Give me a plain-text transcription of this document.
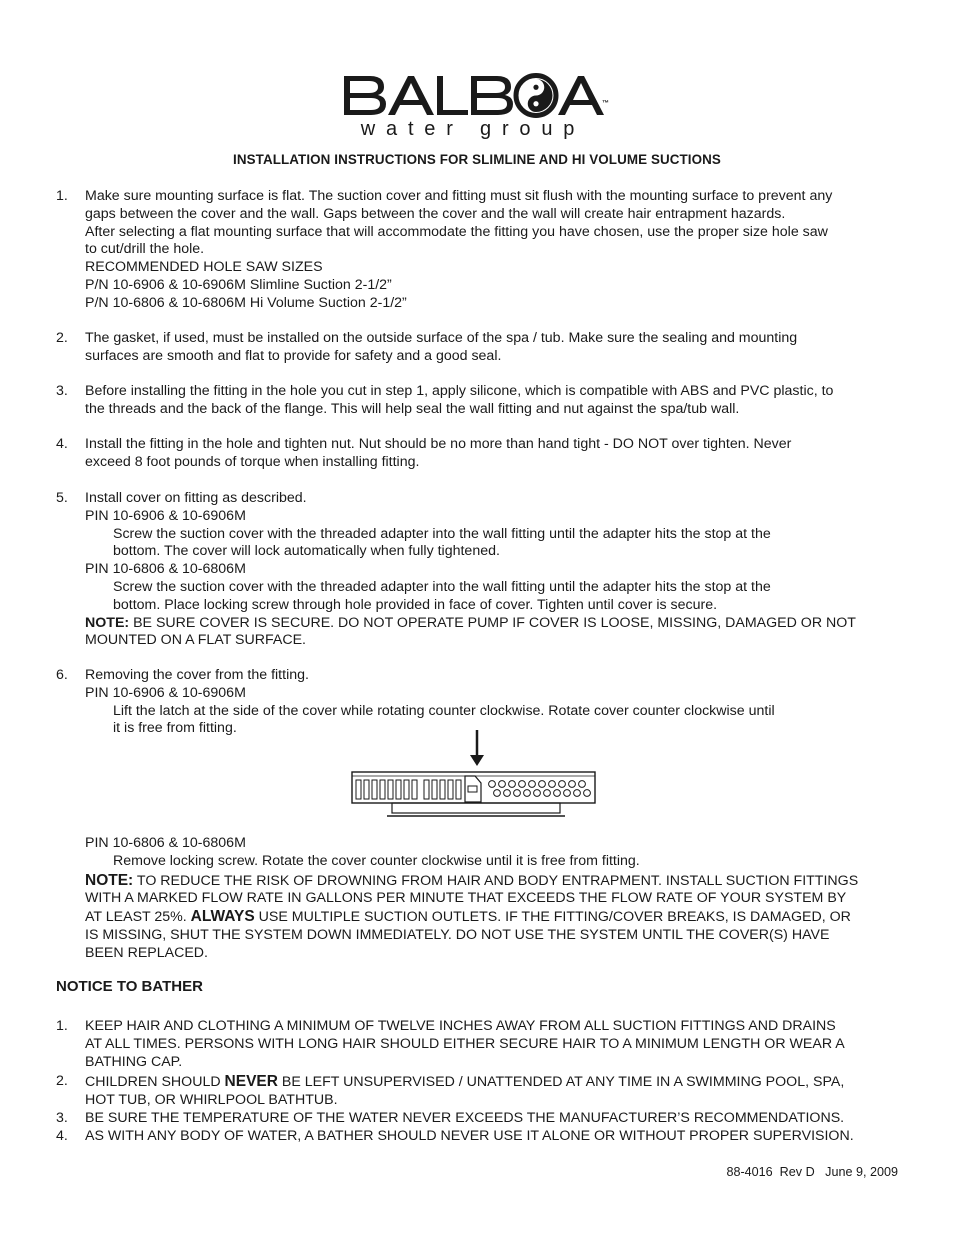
™
water group
INSTALLATION INSTRUCTIONS FOR SLIMLINE AND HI VOLUME SUCTIONS
1.	Make sure mounting surface is flat. The suction cover and fitting must sit flush with the mounting surface to prevent any
gaps between the cover and the wall. Gaps between the cover and the wall will create hair entrapment hazards.
After selecting a flat mounting surface that will accommodate the fitting you have chosen, use the proper size hole saw
to cut/drill the hole.
RECOMMENDED HOLE SAW SIZES
P/N 10-6906 & 10-6906M Slimline Suction 2-1/2”
P/N 10-6806 & 10-6806M Hi Volume Suction 2-1/2”
2.	The gasket, if used, must be installed on the outside surface of the spa / tub. Make sure the sealing and mounting
surfaces are smooth and flat to provide for safety and a good seal.
3.	Before installing the fitting in the hole you cut in step 1, apply silicone, which is compatible with ABS and PVC plastic, to
the threads and the back of the flange. This will help seal the wall fitting and nut against the spa/tub wall.
4.	Install the fitting in the hole and tighten nut. Nut should be no more than hand tight - DO NOT over tighten. Never
exceed 8 foot pounds of torque when installing fitting.
5.	Install cover on fitting as described.
PIN 10-6906 & 10-6906M
Screw the suction cover with the threaded adapter into the wall fitting until the adapter hits the stop at the
bottom. The cover will lock automatically when fully tightened.
PIN 10-6806 & 10-6806M
Screw the suction cover with the threaded adapter into the wall fitting until the adapter hits the stop at the
bottom. Place locking screw through hole provided in face of cover. Tighten until cover is secure.
NOTE: BE SURE COVER IS SECURE. DO NOT OPERATE PUMP IF COVER IS LOOSE, MISSING, DAMAGED OR NOT
MOUNTED ON A FLAT SURFACE.
6.	Removing the cover from the fitting.
PIN 10-6906 & 10-6906M
Lift the latch at the side of the cover while rotating counter clockwise. Rotate cover counter clockwise until
it is free from fitting.
PIN 10-6806 & 10-6806M
Remove locking screw. Rotate the cover counter clockwise until it is free from fitting.
NOTE: TO REDUCE THE RISK OF DROWNING FROM HAIR AND BODY ENTRAPMENT. INSTALL SUCTION FITTINGS
WITH A MARKED FLOW RATE IN GALLONS PER MINUTE THAT EXCEEDS THE FLOW RATE OF YOUR SYSTEM BY
AT LEAST 25%. ALWAYS USE MULTIPLE SUCTION OUTLETS. IF THE FITTING/COVER BREAKS, IS DAMAGED, OR
IS MISSING, SHUT THE SYSTEM DOWN IMMEDIATELY. DO NOT USE THE SYSTEM UNTIL THE COVER(S) HAVE
BEEN REPLACED.
NOTICE TO BATHER
1.	KEEP HAIR AND CLOTHING A MINIMUM OF TWELVE INCHES AWAY FROM ALL SUCTION FITTINGS AND DRAINS
AT ALL TIMES. PERSONS WITH LONG HAIR SHOULD EITHER SECURE HAIR TO A MINIMUM LENGTH OR WEAR A
BATHING CAP.
2.	CHILDREN SHOULD NEVER BE LEFT UNSUPERVISED / UNATTENDED AT ANY TIME IN A SWIMMING POOL, SPA,
HOT TUB, OR WHIRLPOOL BATHTUB.
3.	BE SURE THE TEMPERATURE OF THE WATER NEVER EXCEEDS THE MANUFACTURER’S RECOMMENDATIONS.
4.	AS WITH ANY BODY OF WATER, A BATHER SHOULD NEVER USE IT ALONE OR WITHOUT PROPER SUPERVISION.
88-4016  Rev D   June 9, 2009
